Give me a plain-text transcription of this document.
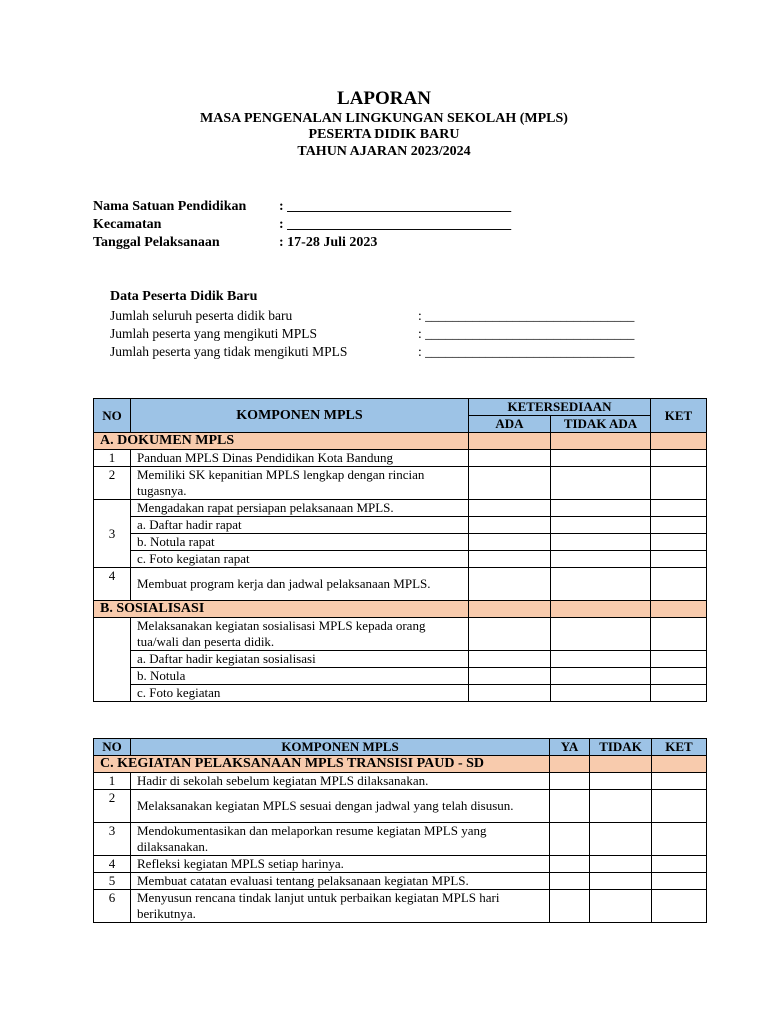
LAPORAN
MASA PENGENALAN LINGKUNGAN SEKOLAH (MPLS)
PESERTA DIDIK BARU
TAHUN AJARAN 2023/2024
Nama Satuan Pendidikan	: ________________________________
Kecamatan	: ________________________________
Tanggal Pelaksanaan	: 17-28 Juli 2023
Data Peserta Didik Baru
Jumlah seluruh peserta didik baru	: _______________________________
Jumlah peserta yang mengikuti MPLS	: _______________________________
Jumlah peserta yang tidak mengikuti MPLS	: _______________________________
NO	KOMPONEN MPLS	KETERSEDIAAN		KET
		ADA	TIDAK ADA	
A. DOKUMEN MPLS				
1	Panduan MPLS Dinas Pendidikan Kota Bandung			
2	Memiliki SK kepanitian MPLS lengkap dengan rincian tugasnya.			
3	Mengadakan rapat persiapan pelaksanaan MPLS.			
	a. Daftar hadir rapat			
	b. Notula rapat			
	c. Foto kegiatan rapat			
4	Membuat program kerja dan jadwal pelaksanaan MPLS.			
B. SOSIALISASI				
	Melaksanakan kegiatan sosialisasi MPLS kepada orang tua/wali dan peserta didik.			
	a. Daftar hadir kegiatan sosialisasi			
	b. Notula			
	c. Foto kegiatan			
NO	KOMPONEN MPLS	YA	TIDAK	KET
C. KEGIATAN PELAKSANAAN MPLS TRANSISI PAUD - SD				
1	Hadir di sekolah sebelum kegiatan MPLS dilaksanakan.			
2	Melaksanakan kegiatan MPLS sesuai dengan jadwal yang telah disusun.			
3	Mendokumentasikan dan melaporkan resume kegiatan MPLS yang dilaksanakan.			
4	Refleksi kegiatan MPLS setiap harinya.			
5	Membuat catatan evaluasi tentang pelaksanaan kegiatan MPLS.			
6	Menyusun rencana tindak lanjut untuk perbaikan kegiatan MPLS hari berikutnya.			
